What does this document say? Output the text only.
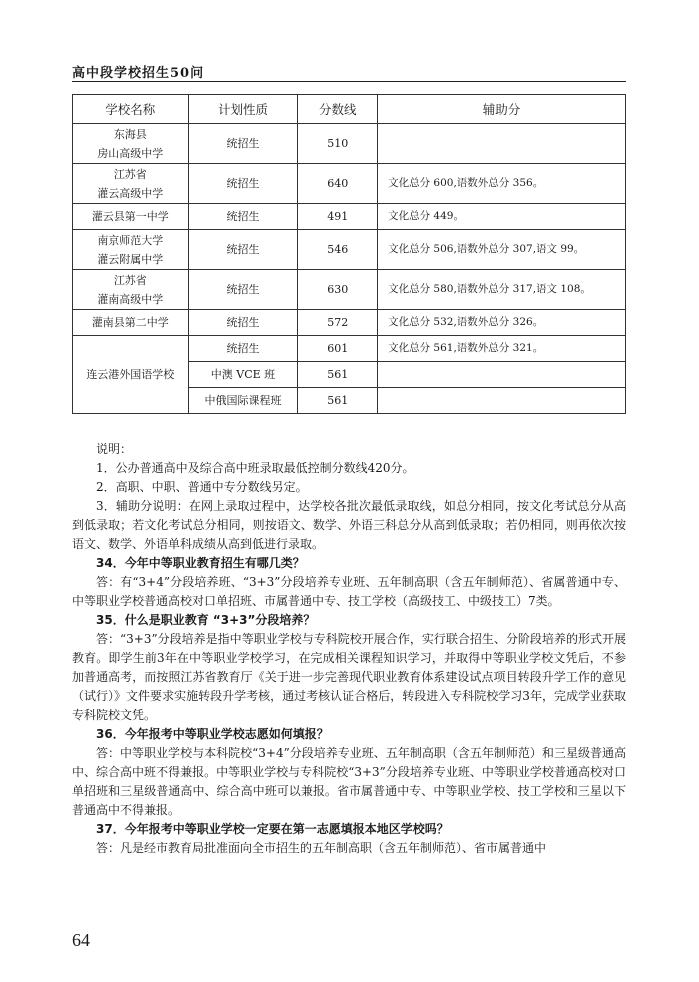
高中段学校招生50问
学校名称	计划性质	分数线	辅助分

东海县
房山高级中学	统招生	510	

江苏省
灌云高级中学	统招生	640	文化总分 600,语数外总分 356。

灌云县第一中学	统招生	491	文化总分 449。

南京师范大学
灌云附属中学	统招生	546	文化总分 506,语数外总分 307,语文 99。

江苏省
灌南高级中学	统招生	630	文化总分 580,语数外总分 317,语文 108。

灌南县第二中学	统招生	572	文化总分 532,语数外总分 326。
连云港外国语学校	统招生	601	文化总分 561,语数外总分 321。
	中澳 VCE 班	561	
	中俄国际课程班	561	

说明：

1．公办普通高中及综合高中班录取最低控制分数线420分。

2．高职、中职、普通中专分数线另定。

3．辅助分说明：在网上录取过程中，达学校各批次最低录取线，如总分相同，按文化考试总分从高到低录取；若文化考试总分相同，则按语文、数学、外语三科总分从高到低录取；若仍相同，则再依次按语文、数学、外语单科成绩从高到低进行录取。

34．今年中等职业教育招生有哪几类？

答：有“3+4”分段培养班、“3+3”分段培养专业班、五年制高职（含五年制师范）、省属普通中专、中等职业学校普通高校对口单招班、市属普通中专、技工学校（高级技工、中级技工）7类。

35．什么是职业教育 “3+3”分段培养？

答：“3+3”分段培养是指中等职业学校与专科院校开展合作，实行联合招生、分阶段培养的形式开展教育。即学生前3年在中等职业学校学习，在完成相关课程知识学习，并取得中等职业学校文凭后，不参加普通高考，而按照江苏省教育厅《关于进一步完善现代职业教育体系建设试点项目转段升学工作的意见（试行）》文件要求实施转段升学考核，通过考核认证合格后，转段进入专科院校学习3年，完成学业获取专科院校文凭。

36．今年报考中等职业学校志愿如何填报？

答：中等职业学校与本科院校“3+4”分段培养专业班、五年制高职（含五年制师范）和三星级普通高中、综合高中班不得兼报。中等职业学校与专科院校“3+3”分段培养专业班、中等职业学校普通高校对口单招班和三星级普通高中、综合高中班可以兼报。省市属普通中专、中等职业学校、技工学校和三星以下普通高中不得兼报。

37．今年报考中等职业学校一定要在第一志愿填报本地区学校吗？

答：凡是经市教育局批准面向全市招生的五年制高职（含五年制师范）、省市属普通中

64
